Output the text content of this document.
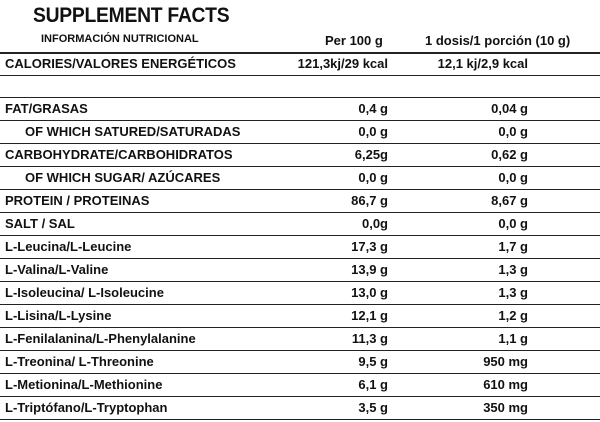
SUPPLEMENT FACTS
INFORMACIÓN NUTRICIONAL	Per 100 g	1 dosis/1 porción (10 g)
CALORIES/VALORES ENERGÉTICOS	121,3kj/29 kcal	12,1 kj/2,9 kcal
FAT/GRASAS	0,4 g	0,04 g
OF WHICH SATURED/SATURADAS	0,0 g	0,0 g
CARBOHYDRATE/CARBOHIDRATOS	6,25g	0,62 g
OF WHICH SUGAR/ AZÚCARES	0,0 g	0,0 g
PROTEIN / PROTEINAS	86,7 g	8,67 g
SALT / SAL	0,0g	0,0 g
L-Leucina/L-Leucine	17,3 g	1,7 g
L-Valina/L-Valine	13,9 g	1,3 g
L-Isoleucina/ L-Isoleucine	13,0 g	1,3 g
L-Lisina/L-Lysine	12,1 g	1,2 g
L-Fenilalanina/L-Phenylalanine	11,3 g	1,1 g
L-Treonina/ L-Threonine	9,5 g	950 mg
L-Metionina/L-Methionine	6,1 g	610 mg
L-Triptófano/L-Tryptophan	3,5 g	350 mg
